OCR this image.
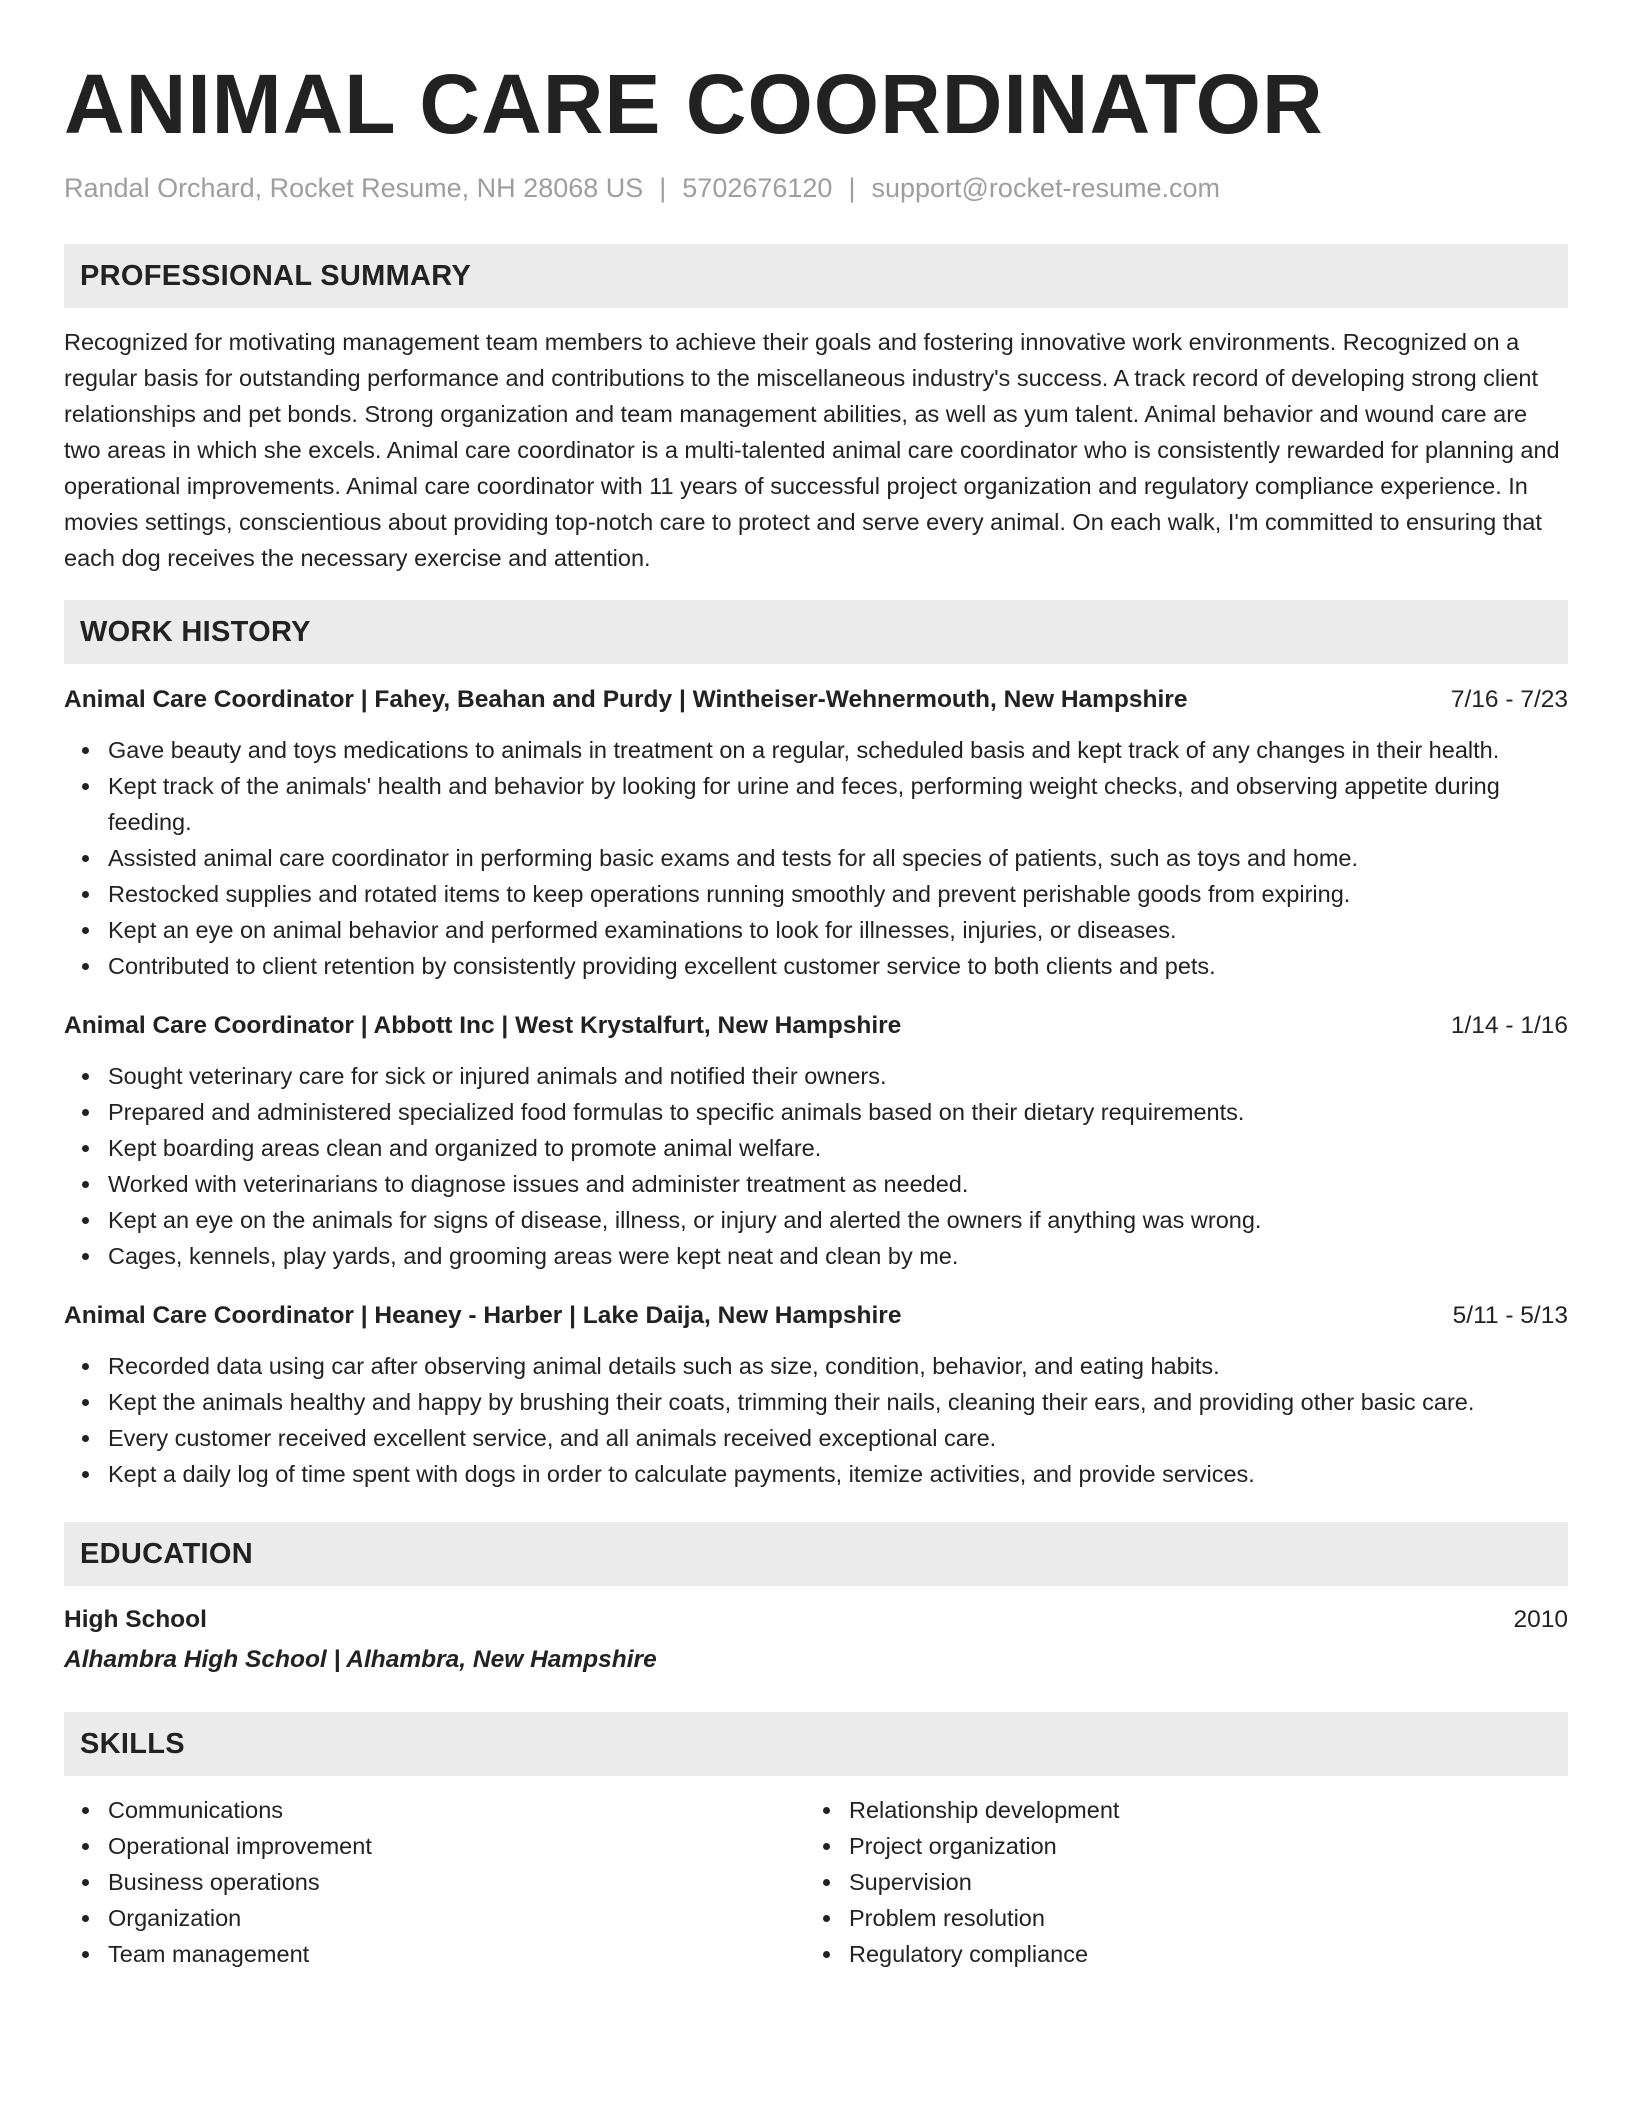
ANIMAL CARE COORDINATOR
Randal Orchard, Rocket Resume, NH 28068 US | 5702676120 | support@rocket-resume.com
PROFESSIONAL SUMMARY
Recognized for motivating management team members to achieve their goals and fostering innovative work environments. Recognized on a regular basis for outstanding performance and contributions to the miscellaneous industry's success. A track record of developing strong client relationships and pet bonds. Strong organization and team management abilities, as well as yum talent. Animal behavior and wound care are two areas in which she excels. Animal care coordinator is a multi-talented animal care coordinator who is consistently rewarded for planning and operational improvements. Animal care coordinator with 11 years of successful project organization and regulatory compliance experience. In movies settings, conscientious about providing top-notch care to protect and serve every animal. On each walk, I'm committed to ensuring that each dog receives the necessary exercise and attention.
WORK HISTORY
Animal Care Coordinator | Fahey, Beahan and Purdy | Wintheiser-Wehnermouth, New Hampshire	7/16 - 7/23
Gave beauty and toys medications to animals in treatment on a regular, scheduled basis and kept track of any changes in their health.
Kept track of the animals' health and behavior by looking for urine and feces, performing weight checks, and observing appetite during feeding.
Assisted animal care coordinator in performing basic exams and tests for all species of patients, such as toys and home.
Restocked supplies and rotated items to keep operations running smoothly and prevent perishable goods from expiring.
Kept an eye on animal behavior and performed examinations to look for illnesses, injuries, or diseases.
Contributed to client retention by consistently providing excellent customer service to both clients and pets.
Animal Care Coordinator | Abbott Inc | West Krystalfurt, New Hampshire	1/14 - 1/16
Sought veterinary care for sick or injured animals and notified their owners.
Prepared and administered specialized food formulas to specific animals based on their dietary requirements.
Kept boarding areas clean and organized to promote animal welfare.
Worked with veterinarians to diagnose issues and administer treatment as needed.
Kept an eye on the animals for signs of disease, illness, or injury and alerted the owners if anything was wrong.
Cages, kennels, play yards, and grooming areas were kept neat and clean by me.
Animal Care Coordinator | Heaney - Harber | Lake Daija, New Hampshire	5/11 - 5/13
Recorded data using car after observing animal details such as size, condition, behavior, and eating habits.
Kept the animals healthy and happy by brushing their coats, trimming their nails, cleaning their ears, and providing other basic care.
Every customer received excellent service, and all animals received exceptional care.
Kept a daily log of time spent with dogs in order to calculate payments, itemize activities, and provide services.
EDUCATION
High School	2010
Alhambra High School | Alhambra, New Hampshire
SKILLS
Communications
Operational improvement
Business operations
Organization
Team management
Relationship development
Project organization
Supervision
Problem resolution
Regulatory compliance
